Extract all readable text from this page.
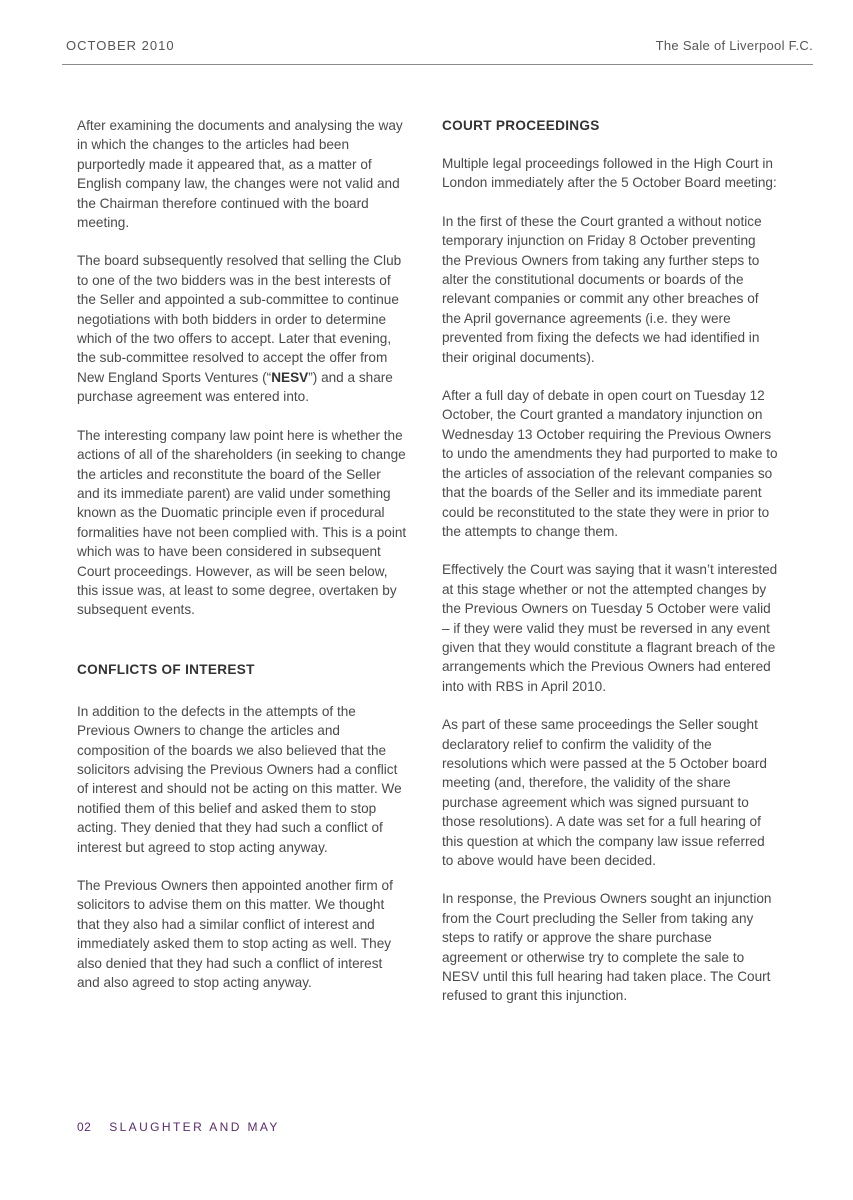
OCTOBER 2010	The Sale of Liverpool F.C.

After examining the documents and analysing the way in which the changes to the articles had been purportedly made it appeared that, as a matter of English company law, the changes were not valid and the Chairman therefore continued with the board meeting.

The board subsequently resolved that selling the Club to one of the two bidders was in the best interests of the Seller and appointed a sub-committee to continue negotiations with both bidders in order to determine which of the two offers to accept. Later that evening, the sub-committee resolved to accept the offer from New England Sports Ventures (“NESV”) and a share purchase agreement was entered into.

The interesting company law point here is whether the actions of all of the shareholders (in seeking to change the articles and reconstitute the board of the Seller and its immediate parent) are valid under something known as the Duomatic principle even if procedural formalities have not been complied with. This is a point which was to have been considered in subsequent Court proceedings. However, as will be seen below, this issue was, at least to some degree, overtaken by subsequent events.

CONFLICTS OF INTEREST

In addition to the defects in the attempts of the Previous Owners to change the articles and composition of the boards we also believed that the solicitors advising the Previous Owners had a conflict of interest and should not be acting on this matter. We notified them of this belief and asked them to stop acting. They denied that they had such a conflict of interest but agreed to stop acting anyway.

The Previous Owners then appointed another firm of solicitors to advise them on this matter. We thought that they also had a similar conflict of interest and immediately asked them to stop acting as well. They also denied that they had such a conflict of interest and also agreed to stop acting anyway.

COURT PROCEEDINGS

Multiple legal proceedings followed in the High Court in London immediately after the 5 October Board meeting:

In the first of these the Court granted a without notice temporary injunction on Friday 8 October preventing the Previous Owners from taking any further steps to alter the constitutional documents or boards of the relevant companies or commit any other breaches of the April governance agreements (i.e. they were prevented from fixing the defects we had identified in their original documents).

After a full day of debate in open court on Tuesday 12 October, the Court granted a mandatory injunction on Wednesday 13 October requiring the Previous Owners to undo the amendments they had purported to make to the articles of association of the relevant companies so that the boards of the Seller and its immediate parent could be reconstituted to the state they were in prior to the attempts to change them.

Effectively the Court was saying that it wasn’t interested at this stage whether or not the attempted changes by the Previous Owners on Tuesday 5 October were valid – if they were valid they must be reversed in any event given that they would constitute a flagrant breach of the arrangements which the Previous Owners had entered into with RBS in April 2010.

As part of these same proceedings the Seller sought declaratory relief to confirm the validity of the resolutions which were passed at the 5 October board meeting (and, therefore, the validity of the share purchase agreement which was signed pursuant to those resolutions). A date was set for a full hearing of this question at which the company law issue referred to above would have been decided.

In response, the Previous Owners sought an injunction from the Court precluding the Seller from taking any steps to ratify or approve the share purchase agreement or otherwise try to complete the sale to NESV until this full hearing had taken place. The Court refused to grant this injunction.

02 SLAUGHTER AND MAY
